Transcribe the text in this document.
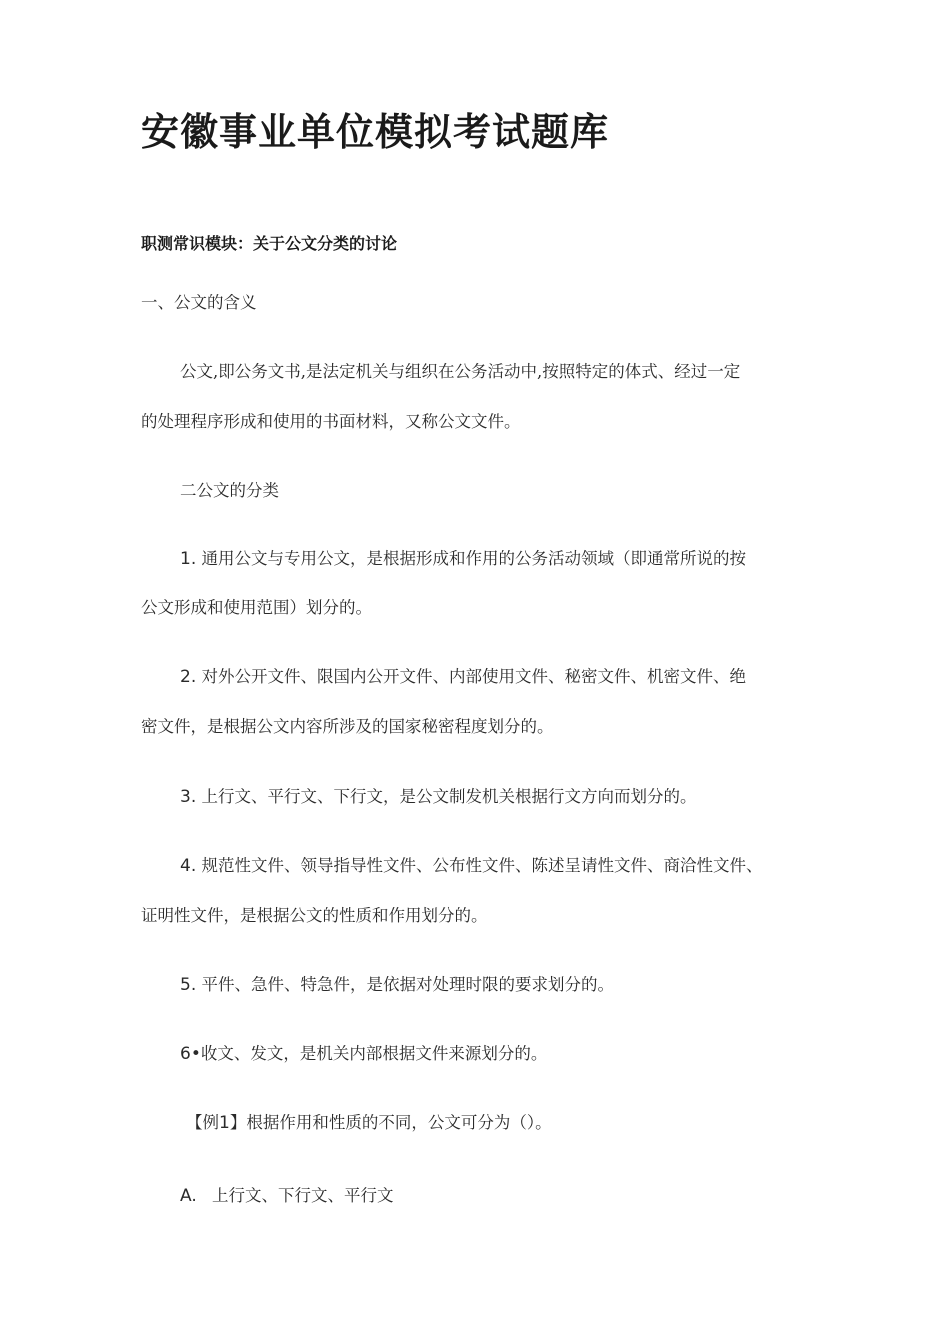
安徽事业单位模拟考试题库
职测常识模块：关于公文分类的讨论
一、公文的含义
公文,即公务文书,是法定机关与组织在公务活动中,按照特定的体式、经过一定
的处理程序形成和使用的书面材料，又称公文文件。
二公文的分类
1. 通用公文与专用公文，是根据形成和作用的公务活动领域（即通常所说的按
公文形成和使用范围）划分的。
2. 对外公开文件、限国内公开文件、内部使用文件、秘密文件、机密文件、绝
密文件，是根据公文内容所涉及的国家秘密程度划分的。
3. 上行文、平行文、下行文，是公文制发机关根据行文方向而划分的。
4. 规范性文件、领导指导性文件、公布性文件、陈述呈请性文件、商洽性文件、
证明性文件，是根据公文的性质和作用划分的。
5. 平件、急件、特急件，是依据对处理时限的要求划分的。
6•收文、发文，是机关内部根据文件来源划分的。
【例1】根据作用和性质的不同，公文可分为（）。
A. 上行文、下行文、平行文
